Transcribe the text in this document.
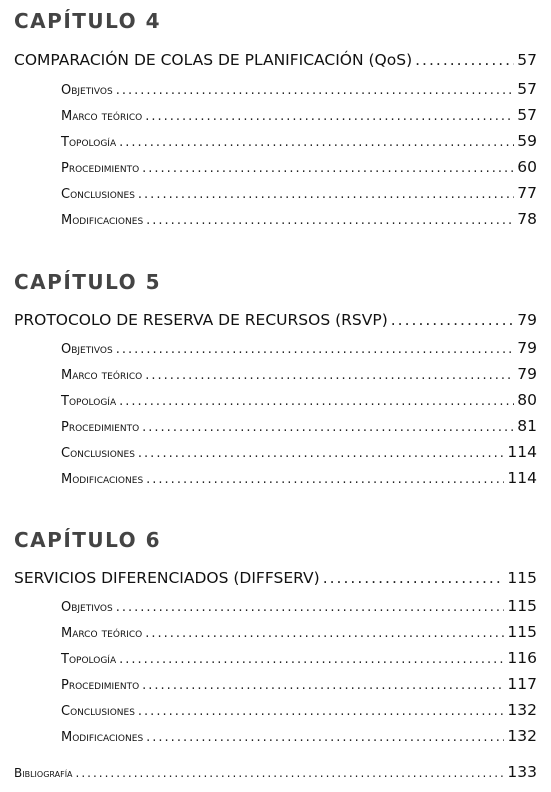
CAPÍTULO 4
COMPARACIÓN DE COLAS DE PLANIFICACIÓN (QoS) .....	57
Objetivos .....	57
Marco teórico .....	57
Topología .....	59
Procedimiento .....	60
Conclusiones .....	77
Modificaciones .....	78
CAPÍTULO 5
PROTOCOLO DE RESERVA DE RECURSOS (RSVP) .....	79
Objetivos .....	79
Marco teórico .....	79
Topología .....	80
Procedimiento .....	81
Conclusiones .....	114
Modificaciones .....	114
CAPÍTULO 6
SERVICIOS DIFERENCIADOS (DIFFSERV) .....	115
Objetivos .....	115
Marco teórico .....	115
Topología .....	116
Procedimiento .....	117
Conclusiones .....	132
Modificaciones .....	132
Bibliografía .....	133
